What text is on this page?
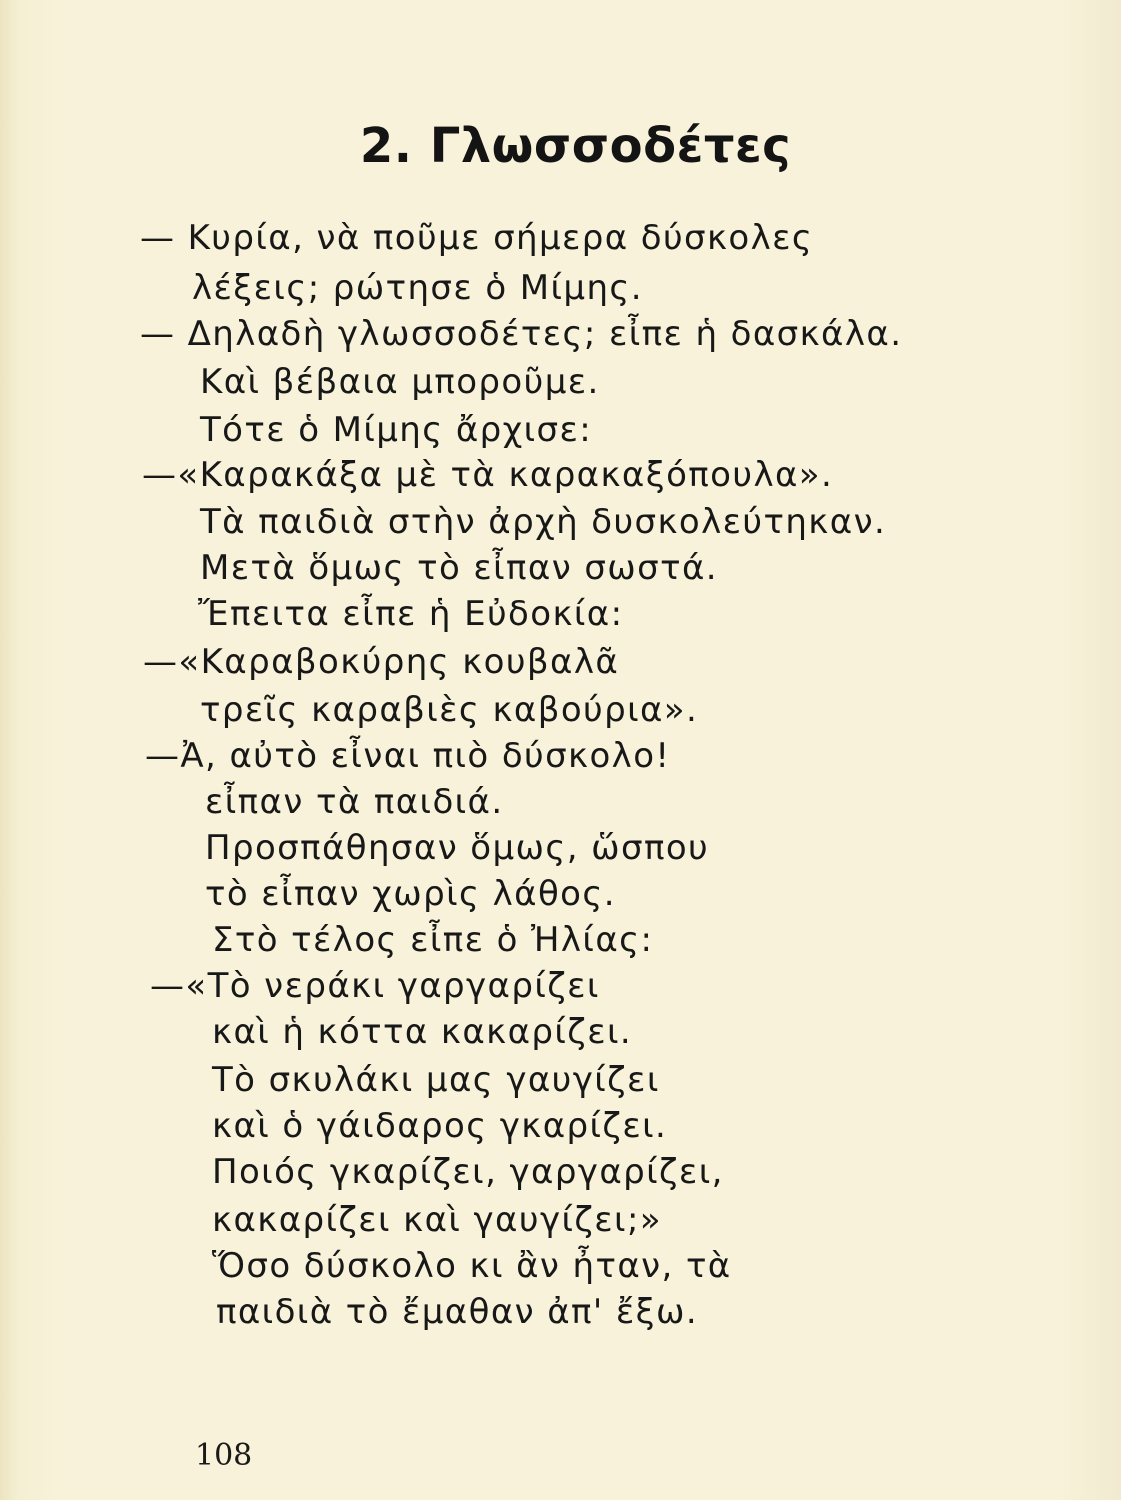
2. Γλωσσοδέτες
— Κυρία, νὰ ποῦμε σήμερα δύσκολες
λέξεις; ρώτησε ὁ Μίμης.
— Δηλαδὴ γλωσσοδέτες; εἶπε ἡ δασκάλα.
Καὶ βέβαια μποροῦμε.
Τότε ὁ Μίμης ἄρχισε:
—«Καρακάξα μὲ τὰ καρακαξόπουλα».
Τὰ παιδιὰ στὴν ἀρχὴ δυσκολεύτηκαν.
Μετὰ ὅμως τὸ εἶπαν σωστά.
Ἔπειτα εἶπε ἡ Εὐδοκία:
—«Καραβοκύρης κουβαλᾶ
τρεῖς καραβιὲς καβούρια».
—Ἀ, αὐτὸ εἶναι πιὸ δύσκολο!
εἶπαν τὰ παιδιά.
Προσπάθησαν ὅμως, ὥσπου
τὸ εἶπαν χωρὶς λάθος.
Στὸ τέλος εἶπε ὁ Ἠλίας:
—«Τὸ νεράκι γαργαρίζει
καὶ ἡ κόττα κακαρίζει.
Τὸ σκυλάκι μας γαυγίζει
καὶ ὁ γάιδαρος γκαρίζει.
Ποιός γκαρίζει, γαργαρίζει,
κακαρίζει καὶ γαυγίζει;»
Ὅσο δύσκολο κι ἂν ἦταν, τὰ
παιδιὰ τὸ ἔμαθαν ἀπ' ἔξω.
108
